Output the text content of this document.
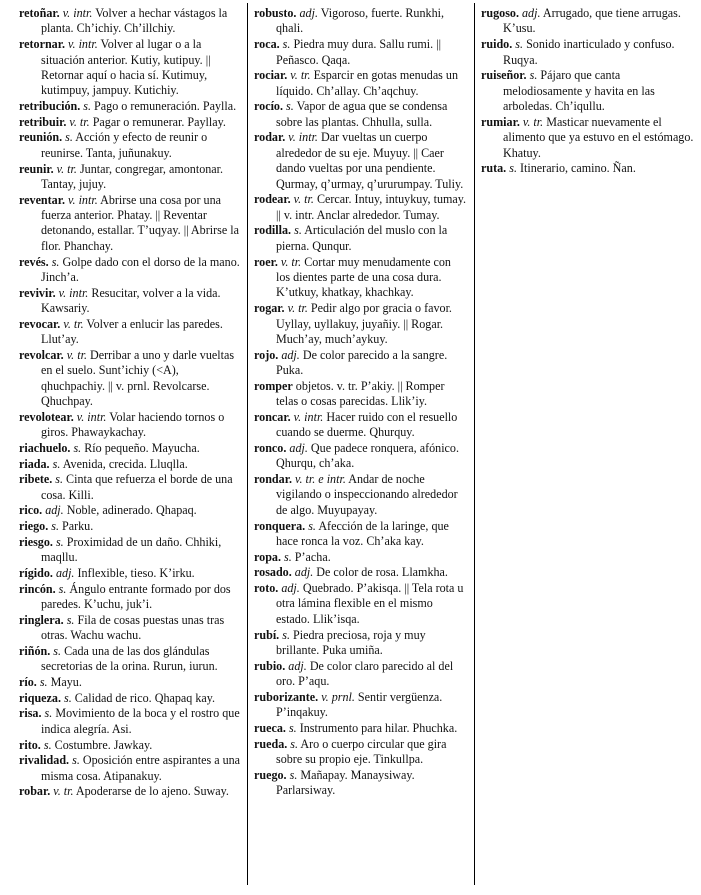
retoñar. v. intr. Volver a hechar vástagos la planta. Ch’ichiy. Ch’illchiy.

retornar. v. intr. Volver al lugar o a la situación anterior. Kutiy, kutipuy. || Retornar aquí o hacia sí. Kutimuy, kutimpuy, jampuy. Kutichiy.

retribución. s. Pago o remuneración. Paylla.

retribuir. v. tr. Pagar o remunerar. Payllay.

reunión. s. Acción y efecto de reunir o reunirse. Tanta, juñunakuy.

reunir. v. tr. Juntar, congregar, amontonar. Tantay, jujuy.

reventar. v. intr. Abrirse una cosa por una fuerza anterior. Phatay. || Reventar detonando, estallar. T’uqyay. || Abrirse la flor. Phanchay.

revés. s. Golpe dado con el dorso de la mano. Jinch’a.

revivir. v. intr. Resucitar, volver a la vida. Kawsariy.

revocar. v. tr. Volver a enlucir las paredes. Llut’ay.

revolcar. v. tr. Derribar a uno y darle vueltas en el suelo. Sunt’ichiy (<A), qhuchpachiy. || v. prnl. Revolcarse. Qhuchpay.

revolotear. v. intr. Volar haciendo tornos o giros. Phawaykachay.

riachuelo. s. Río pequeño. Mayucha.

riada. s. Avenida, crecida. Lluqlla.

ribete. s. Cinta que refuerza el borde de una cosa. Killi.

rico. adj. Noble, adinerado. Qhapaq.

riego. s. Parku.

riesgo. s. Proximidad de un daño. Chhiki, maqllu.

rígido. adj. Inflexible, tieso. K’irku.

rincón. s. Ángulo entrante formado por dos paredes. K’uchu, juk’i.

ringlera. s. Fila de cosas puestas unas tras otras. Wachu wachu.

riñón. s. Cada una de las dos glándulas secretorias de la orina. Rurun, iurun.

río. s. Mayu.

riqueza. s. Calidad de rico. Qhapaq kay.

risa. s. Movimiento de la boca y el rostro que indica alegría. Asi.

rito. s. Costumbre. Jawkay.

rivalidad. s. Oposición entre aspirantes a una misma cosa. Atipanakuy.

robar. v. tr. Apoderarse de lo ajeno. Suway.

robusto. adj. Vigoroso, fuerte. Runkhi, qhali.

roca. s. Piedra muy dura. Sallu rumi. || Peñasco. Qaqa.

rociar. v. tr. Esparcir en gotas menudas un líquido. Ch’allay. Ch’aqchuy.

rocío. s. Vapor de agua que se condensa sobre las plantas. Chhulla, sulla.

rodar. v. intr. Dar vueltas un cuerpo alrededor de su eje. Muyuy. || Caer dando vueltas por una pendiente. Qurmay, q’urmay, q’ururumpay. Tuliy.

rodear. v. tr. Cercar. Intuy, intuykuy, tumay. || v. intr. Anclar alrededor. Tumay.

rodilla. s. Articulación del muslo con la pierna. Qunqur.

roer. v. tr. Cortar muy menudamente con los dientes parte de una cosa dura. K’utkuy, khatkay, khachkay.

rogar. v. tr. Pedir algo por gracia o favor. Uyllay, uyllakuy, juyañiy. || Rogar. Much’ay, much’aykuy.

rojo. adj. De color parecido a la sangre. Puka.

romper objetos. v. tr. P’akiy. || Romper telas o cosas parecidas. Llik’iy.

roncar. v. intr. Hacer ruido con el resuello cuando se duerme. Qhurquy.

ronco. adj. Que padece ronquera, afónico. Qhurqu, ch’aka.

rondar. v. tr. e intr. Andar de noche vigilando o inspeccionando alrededor de algo. Muyupayay.

ronquera. s. Afección de la laringe, que hace ronca la voz. Ch’aka kay.

ropa. s. P’acha.

rosado. adj. De color de rosa. Llamkha.

roto. adj. Quebrado. P’akisqa. || Tela rota u otra lámina flexible en el mismo estado. Llik’isqa.

rubí. s. Piedra preciosa, roja y muy brillante. Puka umiña.

rubio. adj. De color claro parecido al del oro. P’aqu.

ruborizante. v. prnl. Sentir vergüenza. P’inqakuy.

rueca. s. Instrumento para hilar. Phuchka.

rueda. s. Aro o cuerpo circular que gira sobre su propio eje. Tinkullpa.

ruego. s. Mañapay. Manaysiway. Parlarsiway.

rugoso. adj. Arrugado, que tiene arrugas. K’usu.

ruido. s. Sonido inarticulado y confuso. Ruqya.

ruiseñor. s. Pájaro que canta melodiosamente y havita en las arboledas. Ch’iqullu.

rumiar. v. tr. Masticar nuevamente el alimento que ya estuvo en el estómago. Khatuy.

ruta. s. Itinerario, camino. Ñan.
